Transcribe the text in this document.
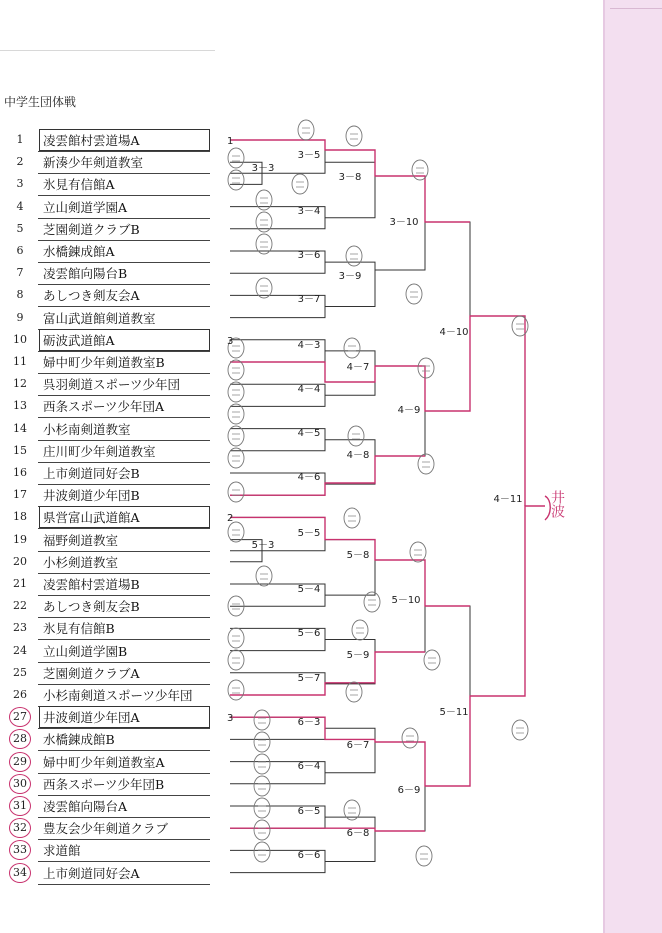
中学生団体戦
1	凌雲館村雲道場A
2	新湊少年剣道教室
3	氷見有信館A
4	立山剣道学園A
5	芝園剣道クラブB
6	水橋錬成館A
7	凌雲館向陽台B
8	あしつき剣友会A
9	富山武道館剣道教室
10	砺波武道館A
11	婦中町少年剣道教室B
12	呉羽剣道スポーツ少年団
13	西条スポーツ少年団A
14	小杉南剣道教室
15	庄川町少年剣道教室
16	上市剣道同好会B
17	井波剣道少年団B
18	県営富山武道館A
19	福野剣道教室
20	小杉剣道教室
21	凌雲館村雲道場B
22	あしつき剣友会B
23	氷見有信館B
24	立山剣道学園B
25	芝園剣道クラブA
26	小杉南剣道スポーツ少年団
27	井波剣道少年団A
28	水橋錬成館B
29	婦中町少年剣道教室A
30	西条スポーツ少年団B
31	凌雲館向陽台A
32	豊友会少年剣道クラブ
33	求道館
34	上市剣道同好会A
3－3
3－5
3－4
3－6
3－7
3－8
3－9
3－10
4－3
4－4
4－5
4－6
4－7
4－8
4－9
4－10
5－3
5－5
5－4
5－6
5－7
5－8
5－9
5－10
6－3
6－4
6－5
6－6
6－7
6－8
6－9
5－11
4－11
1
3
2
3
井波
